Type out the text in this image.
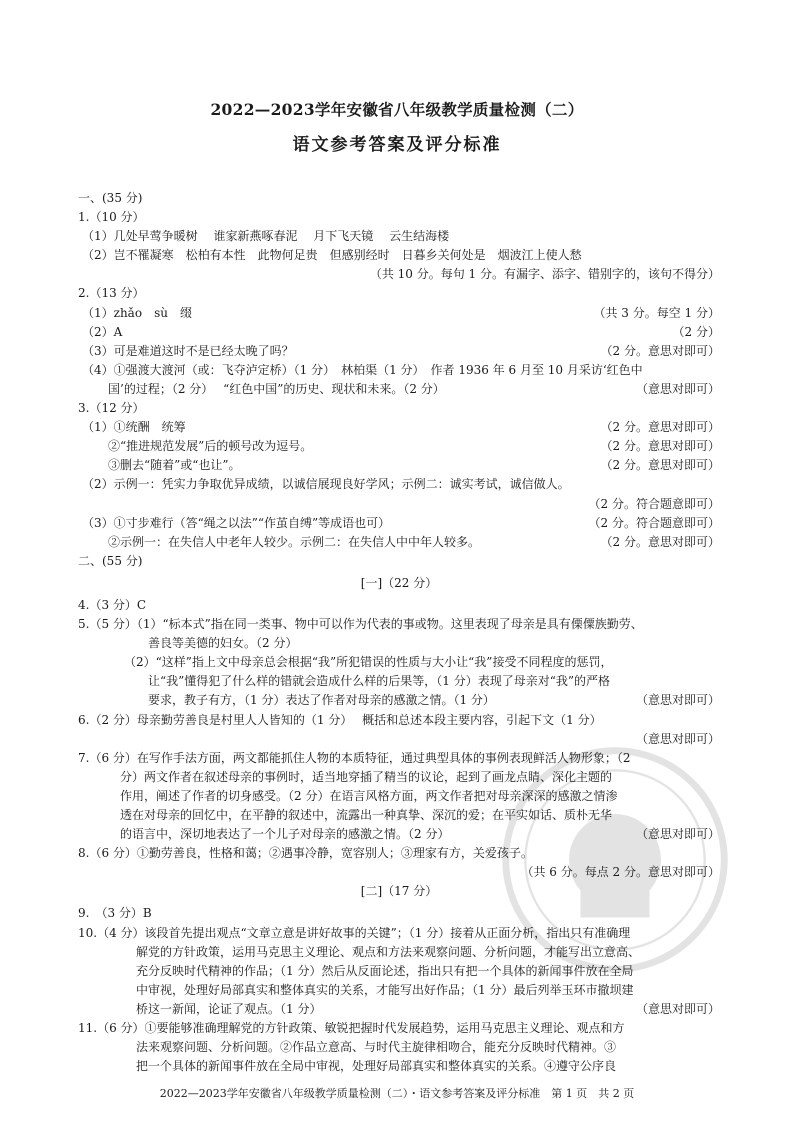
2022—2023学年安徽省八年级教学质量检测（二）
语文参考答案及评分标准
一、(35 分)
1.（10 分）
（1）几处早莺争暖树　 谁家新燕啄春泥　 月下飞天镜　 云生结海楼
（2）岂不罹凝寒　松柏有本性　此物何足贵　但感别经时　日暮乡关何处是　烟波江上使人愁
（共 10 分。每句 1 分。有漏字、添字、错别字的，该句不得分）
2.（13 分）
（1）zhǎo　sù　缀	（共 3 分。每空 1 分）
（2）A	（2 分）
（3）可是难道这时不是已经太晚了吗？	（2 分。意思对即可）
（4）①强渡大渡河（或：飞夺泸定桥）（1 分）　林柏渠（1 分）　作者 1936 年 6 月至 10 月采访‘红色中
国’的过程；（2 分）　 “红色中国”的历史、现状和未来。（2 分）	（意思对即可）
3.（12 分）
（1）①统酬　统筹	（2 分。意思对即可）
②“推进规范发展”后的顿号改为逗号。	（2 分。意思对即可）
③删去“随着”或“也让”。	（2 分。意思对即可）
（2）示例一：凭实力争取优异成绩，以诚信展现良好学风；示例二：诚实考试，诚信做人。
（2 分。符合题意即可）
（3）①寸步难行（答“绳之以法”“作茧自缚”等成语也可）	（2 分。符合题意即可）
②示例一：在失信人中老年人较少。示例二：在失信人中中年人较多。	（2 分。意思对即可）
二、(55 分)
[一]（22 分）
4.（3 分）C
5.（5 分）（1）“标本式”指在同一类事、物中可以作为代表的事或物。这里表现了母亲是具有傈僳族勤劳、
善良等美德的妇女。（2 分）
（2）“这样”指上文中母亲总会根据“我”所犯错误的性质与大小让“我”接受不同程度的惩罚，
让“我”懂得犯了什么样的错就会造成什么样的后果等，（1 分）表现了母亲对“我”的严格
要求，教子有方，（1 分）表达了作者对母亲的感激之情。（1 分）	（意思对即可）
6.（2 分）母亲勤劳善良是村里人人皆知的（1 分）　 概括和总述本段主要内容，引起下文（1 分）
（意思对即可）
7.（6 分）在写作手法方面，两文都能抓住人物的本质特征，通过典型具体的事例表现鲜活人物形象；（2
分）两文作者在叙述母亲的事例时，适当地穿插了精当的议论，起到了画龙点睛、深化主题的
作用，阐述了作者的切身感受。（2 分）在语言风格方面，两文作者把对母亲深深的感激之情渗
透在对母亲的回忆中，在平静的叙述中，流露出一种真挚、深沉的爱；在平实如话、质朴无华
的语言中，深切地表达了一个儿子对母亲的感激之情。（2 分）	（意思对即可）
8.（6 分）①勤劳善良，性格和蔼；②遇事冷静，宽容别人；③理家有方，关爱孩子。
（共 6 分。每点 2 分。意思对即可）
[二]（17 分）
9.　（3 分）B
10.（4 分）该段首先提出观点“文章立意是讲好故事的关键”；（1 分）接着从正面分析，指出只有准确理
解党的方针政策，运用马克思主义理论、观点和方法来观察问题、分析问题，才能写出立意高、
充分反映时代精神的作品；（1 分）然后从反面论述，指出只有把一个具体的新闻事件放在全局
中审视，处理好局部真实和整体真实的关系，才能写出好作品；（1 分）最后列举玉环市撤坝建
桥这一新闻，论证了观点。（1 分）	（意思对即可）
11.（6 分）①要能够准确理解党的方针政策、敏锐把握时代发展趋势，运用马克思主义理论、观点和方
法来观察问题、分析问题。②作品立意高、与时代主旋律相吻合，能充分反映时代精神。③
把一个具体的新闻事件放在全局中审视，处理好局部真实和整体真实的关系。④遵守公序良
2022—2023学年安徽省八年级教学质量检测（二）・语文参考答案及评分标准　第 1 页　共 2 页
